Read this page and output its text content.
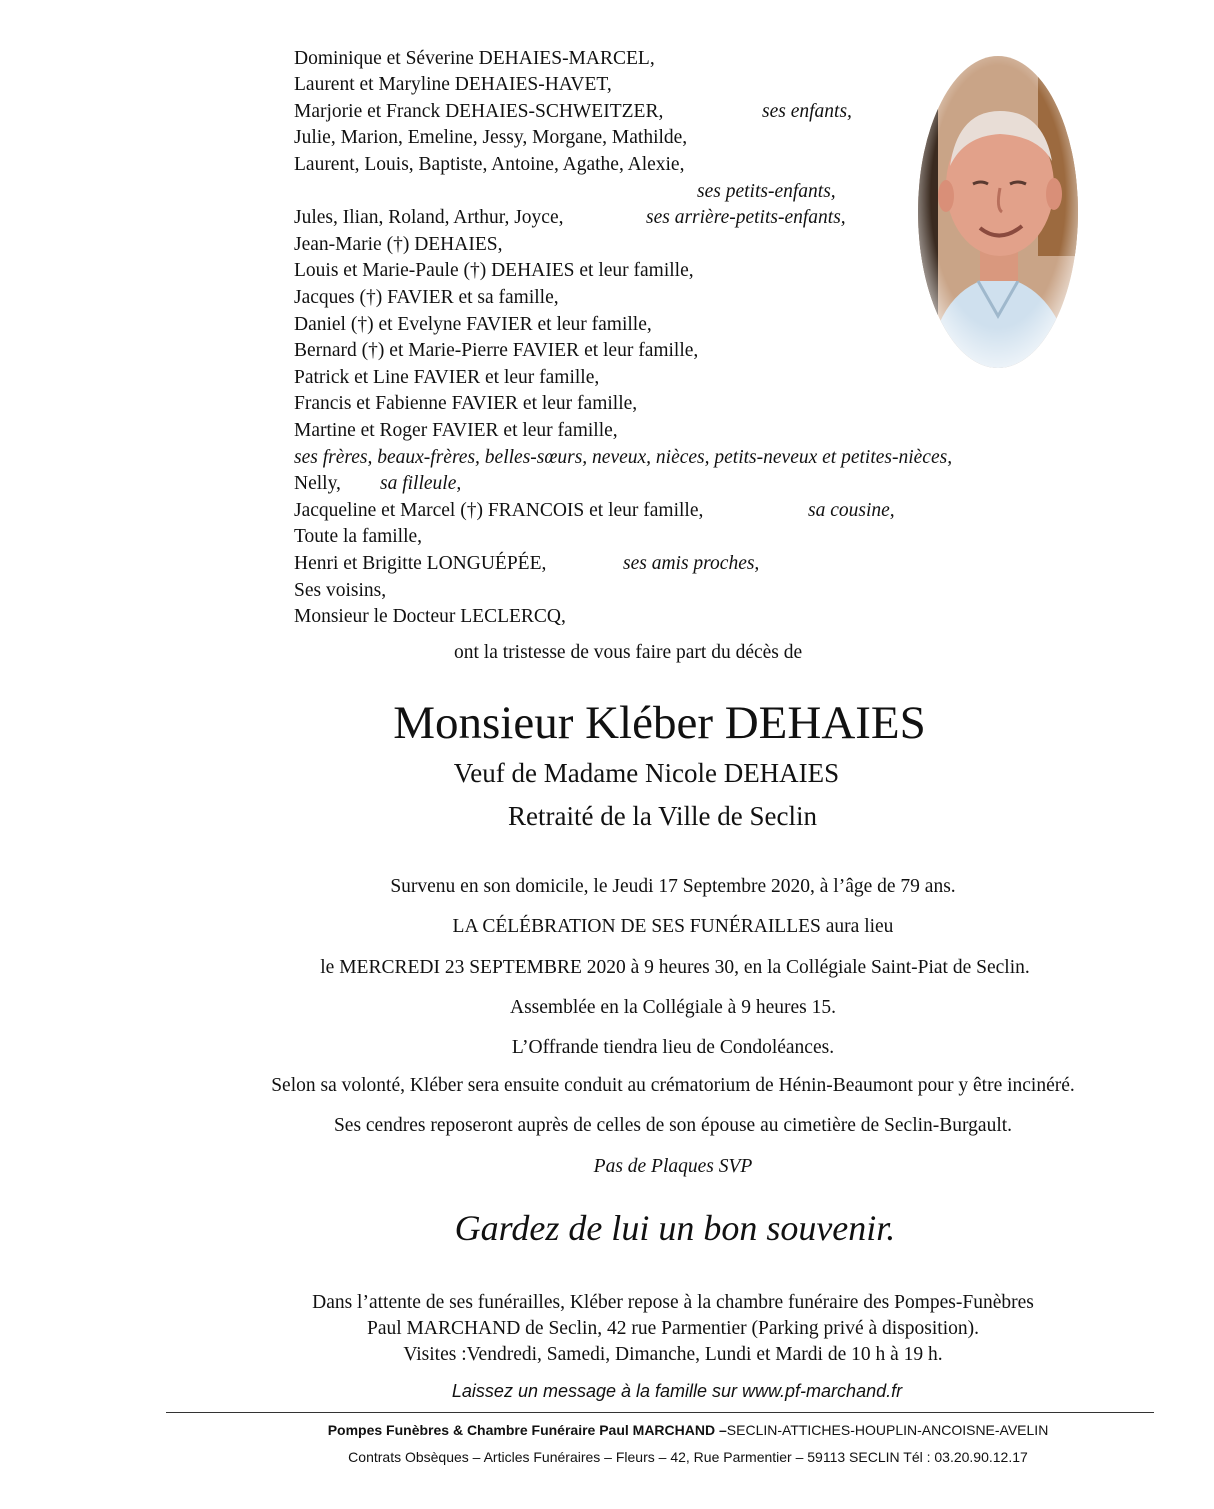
Dominique et Séverine DEHAIES-MARCEL,
Laurent et Maryline DEHAIES-HAVET,
Marjorie et Franck DEHAIES-SCHWEITZER,	ses enfants,
Julie, Marion, Emeline, Jessy, Morgane, Mathilde,
Laurent, Louis, Baptiste, Antoine, Agathe, Alexie,
ses petits-enfants,
Jules, Ilian, Roland, Arthur, Joyce,	ses arrière-petits-enfants,
Jean-Marie (†) DEHAIES,
Louis et Marie-Paule (†) DEHAIES et leur famille,
Jacques (†) FAVIER et sa famille,
Daniel (†) et Evelyne FAVIER et leur famille,
Bernard (†) et Marie-Pierre FAVIER et leur famille,
Patrick et Line FAVIER et leur famille,
Francis et Fabienne FAVIER et leur famille,
Martine et Roger FAVIER et leur famille,
ses frères, beaux-frères, belles-sœurs, neveux, nièces, petits-neveux et petites-nièces,
Nelly, sa filleule,
Jacqueline et Marcel (†) FRANCOIS et leur famille,	sa cousine,
Toute la famille,
Henri et Brigitte LONGUÉPÉE,	ses amis proches,
Ses voisins,
Monsieur le Docteur LECLERCQ,
ont la tristesse de vous faire part du décès de
Monsieur Kléber DEHAIES
Veuf de Madame Nicole DEHAIES
Retraité de la Ville de Seclin
Survenu en son domicile, le Jeudi 17 Septembre 2020, à l’âge de 79 ans.
LA CÉLÉBRATION DE SES FUNÉRAILLES aura lieu
le MERCREDI 23 SEPTEMBRE 2020 à 9 heures 30, en la Collégiale Saint-Piat de Seclin.
Assemblée en la Collégiale à 9 heures 15.
L’Offrande tiendra lieu de Condoléances.
Selon sa volonté, Kléber sera ensuite conduit au crématorium de Hénin-Beaumont pour y être incinéré.
Ses cendres reposeront auprès de celles de son épouse au cimetière de Seclin-Burgault.
Pas de Plaques SVP
Gardez de lui un bon souvenir.
Dans l’attente de ses funérailles, Kléber repose à la chambre funéraire des Pompes-Funèbres
Paul MARCHAND de Seclin, 42 rue Parmentier (Parking privé à disposition).
Visites :Vendredi, Samedi, Dimanche, Lundi et Mardi de 10 h à 19 h.
Laissez un message à la famille sur www.pf-marchand.fr
Pompes Funèbres & Chambre Funéraire Paul MARCHAND –SECLIN-ATTICHES-HOUPLIN-ANCOISNE-AVELIN
Contrats Obsèques – Articles Funéraires – Fleurs – 42, Rue Parmentier – 59113 SECLIN Tél : 03.20.90.12.17
